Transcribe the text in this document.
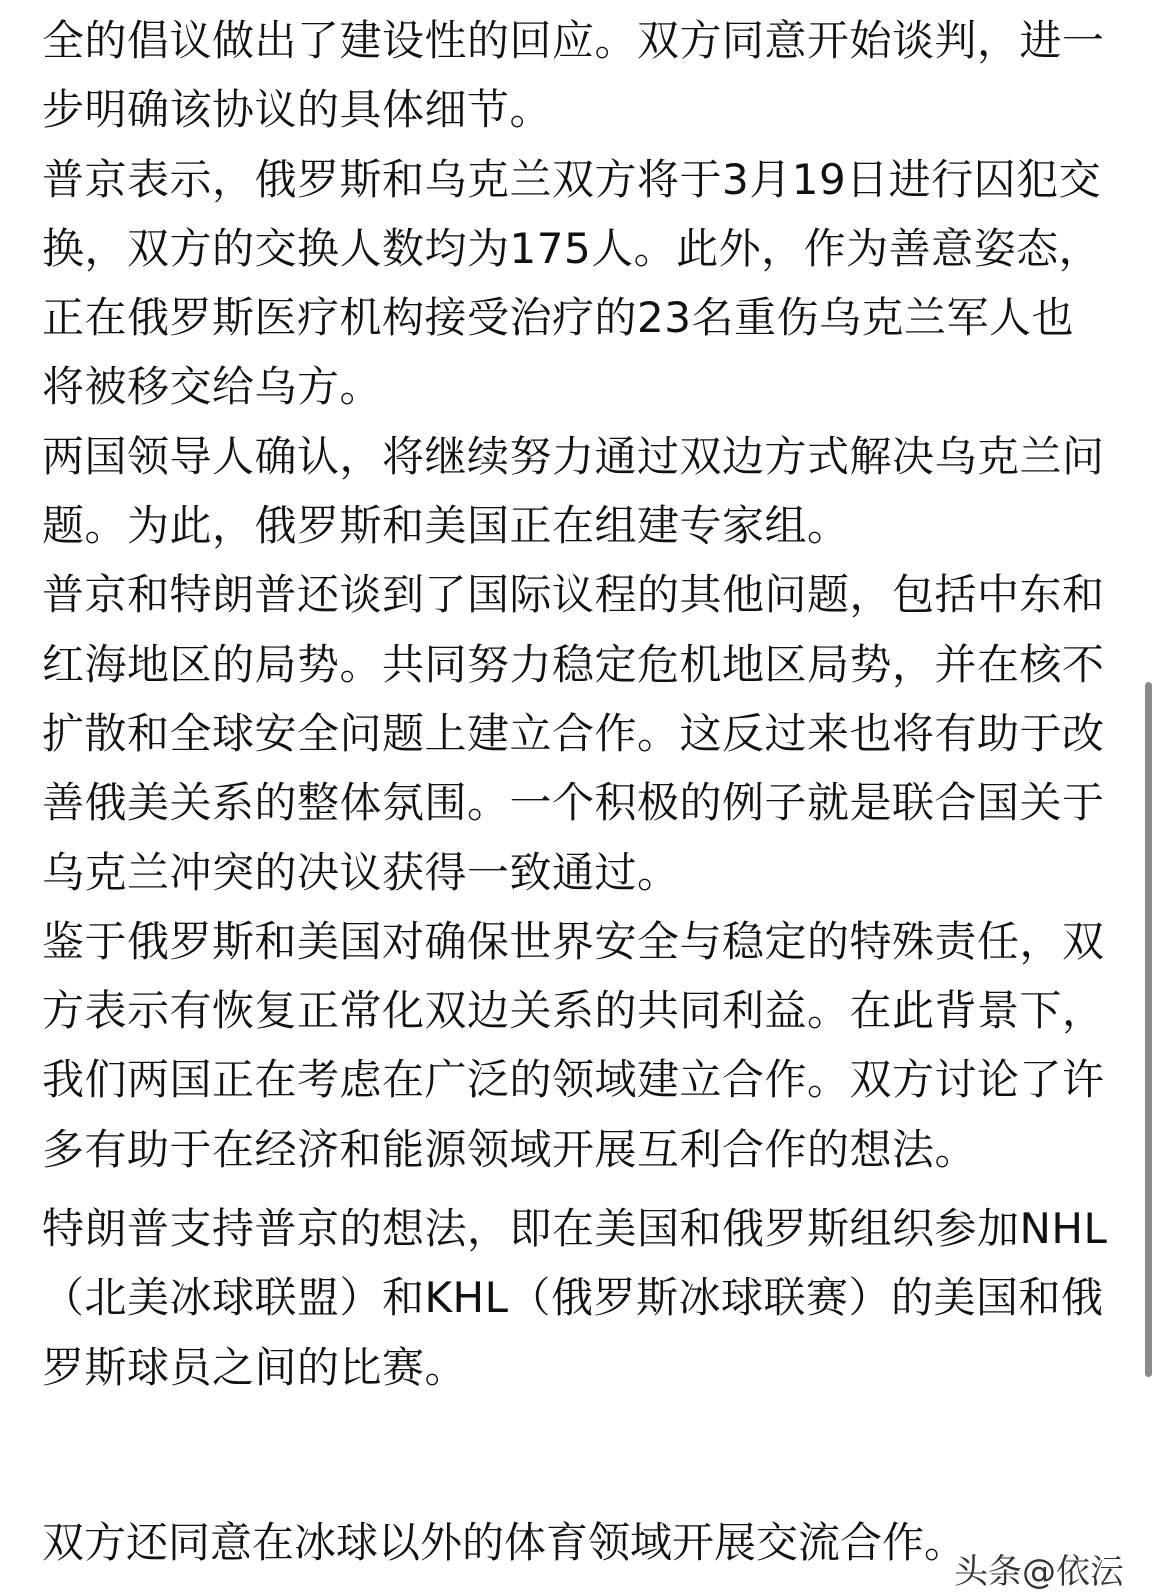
全的倡议做出了建设性的回应。双方同意开始谈判，进一步明确该协议的具体细节。

普京表示，俄罗斯和乌克兰双方将于3月19日进行囚犯交换，双方的交换人数均为175人。此外，作为善意姿态，正在俄罗斯医疗机构接受治疗的23名重伤乌克兰军人也将被移交给乌方。

两国领导人确认，将继续努力通过双边方式解决乌克兰问题。为此，俄罗斯和美国正在组建专家组。

普京和特朗普还谈到了国际议程的其他问题，包括中东和红海地区的局势。共同努力稳定危机地区局势，并在核不扩散和全球安全问题上建立合作。这反过来也将有助于改善俄美关系的整体氛围。一个积极的例子就是联合国关于乌克兰冲突的决议获得一致通过。

鉴于俄罗斯和美国对确保世界安全与稳定的特殊责任，双方表示有恢复正常化双边关系的共同利益。在此背景下，我们两国正在考虑在广泛的领域建立合作。双方讨论了许多有助于在经济和能源领域开展互利合作的想法。

特朗普支持普京的想法，即在美国和俄罗斯组织参加NHL（北美冰球联盟）和KHL（俄罗斯冰球联赛）的美国和俄罗斯球员之间的比赛。

双方还同意在冰球以外的体育领域开展交流合作。
头条@依沄
